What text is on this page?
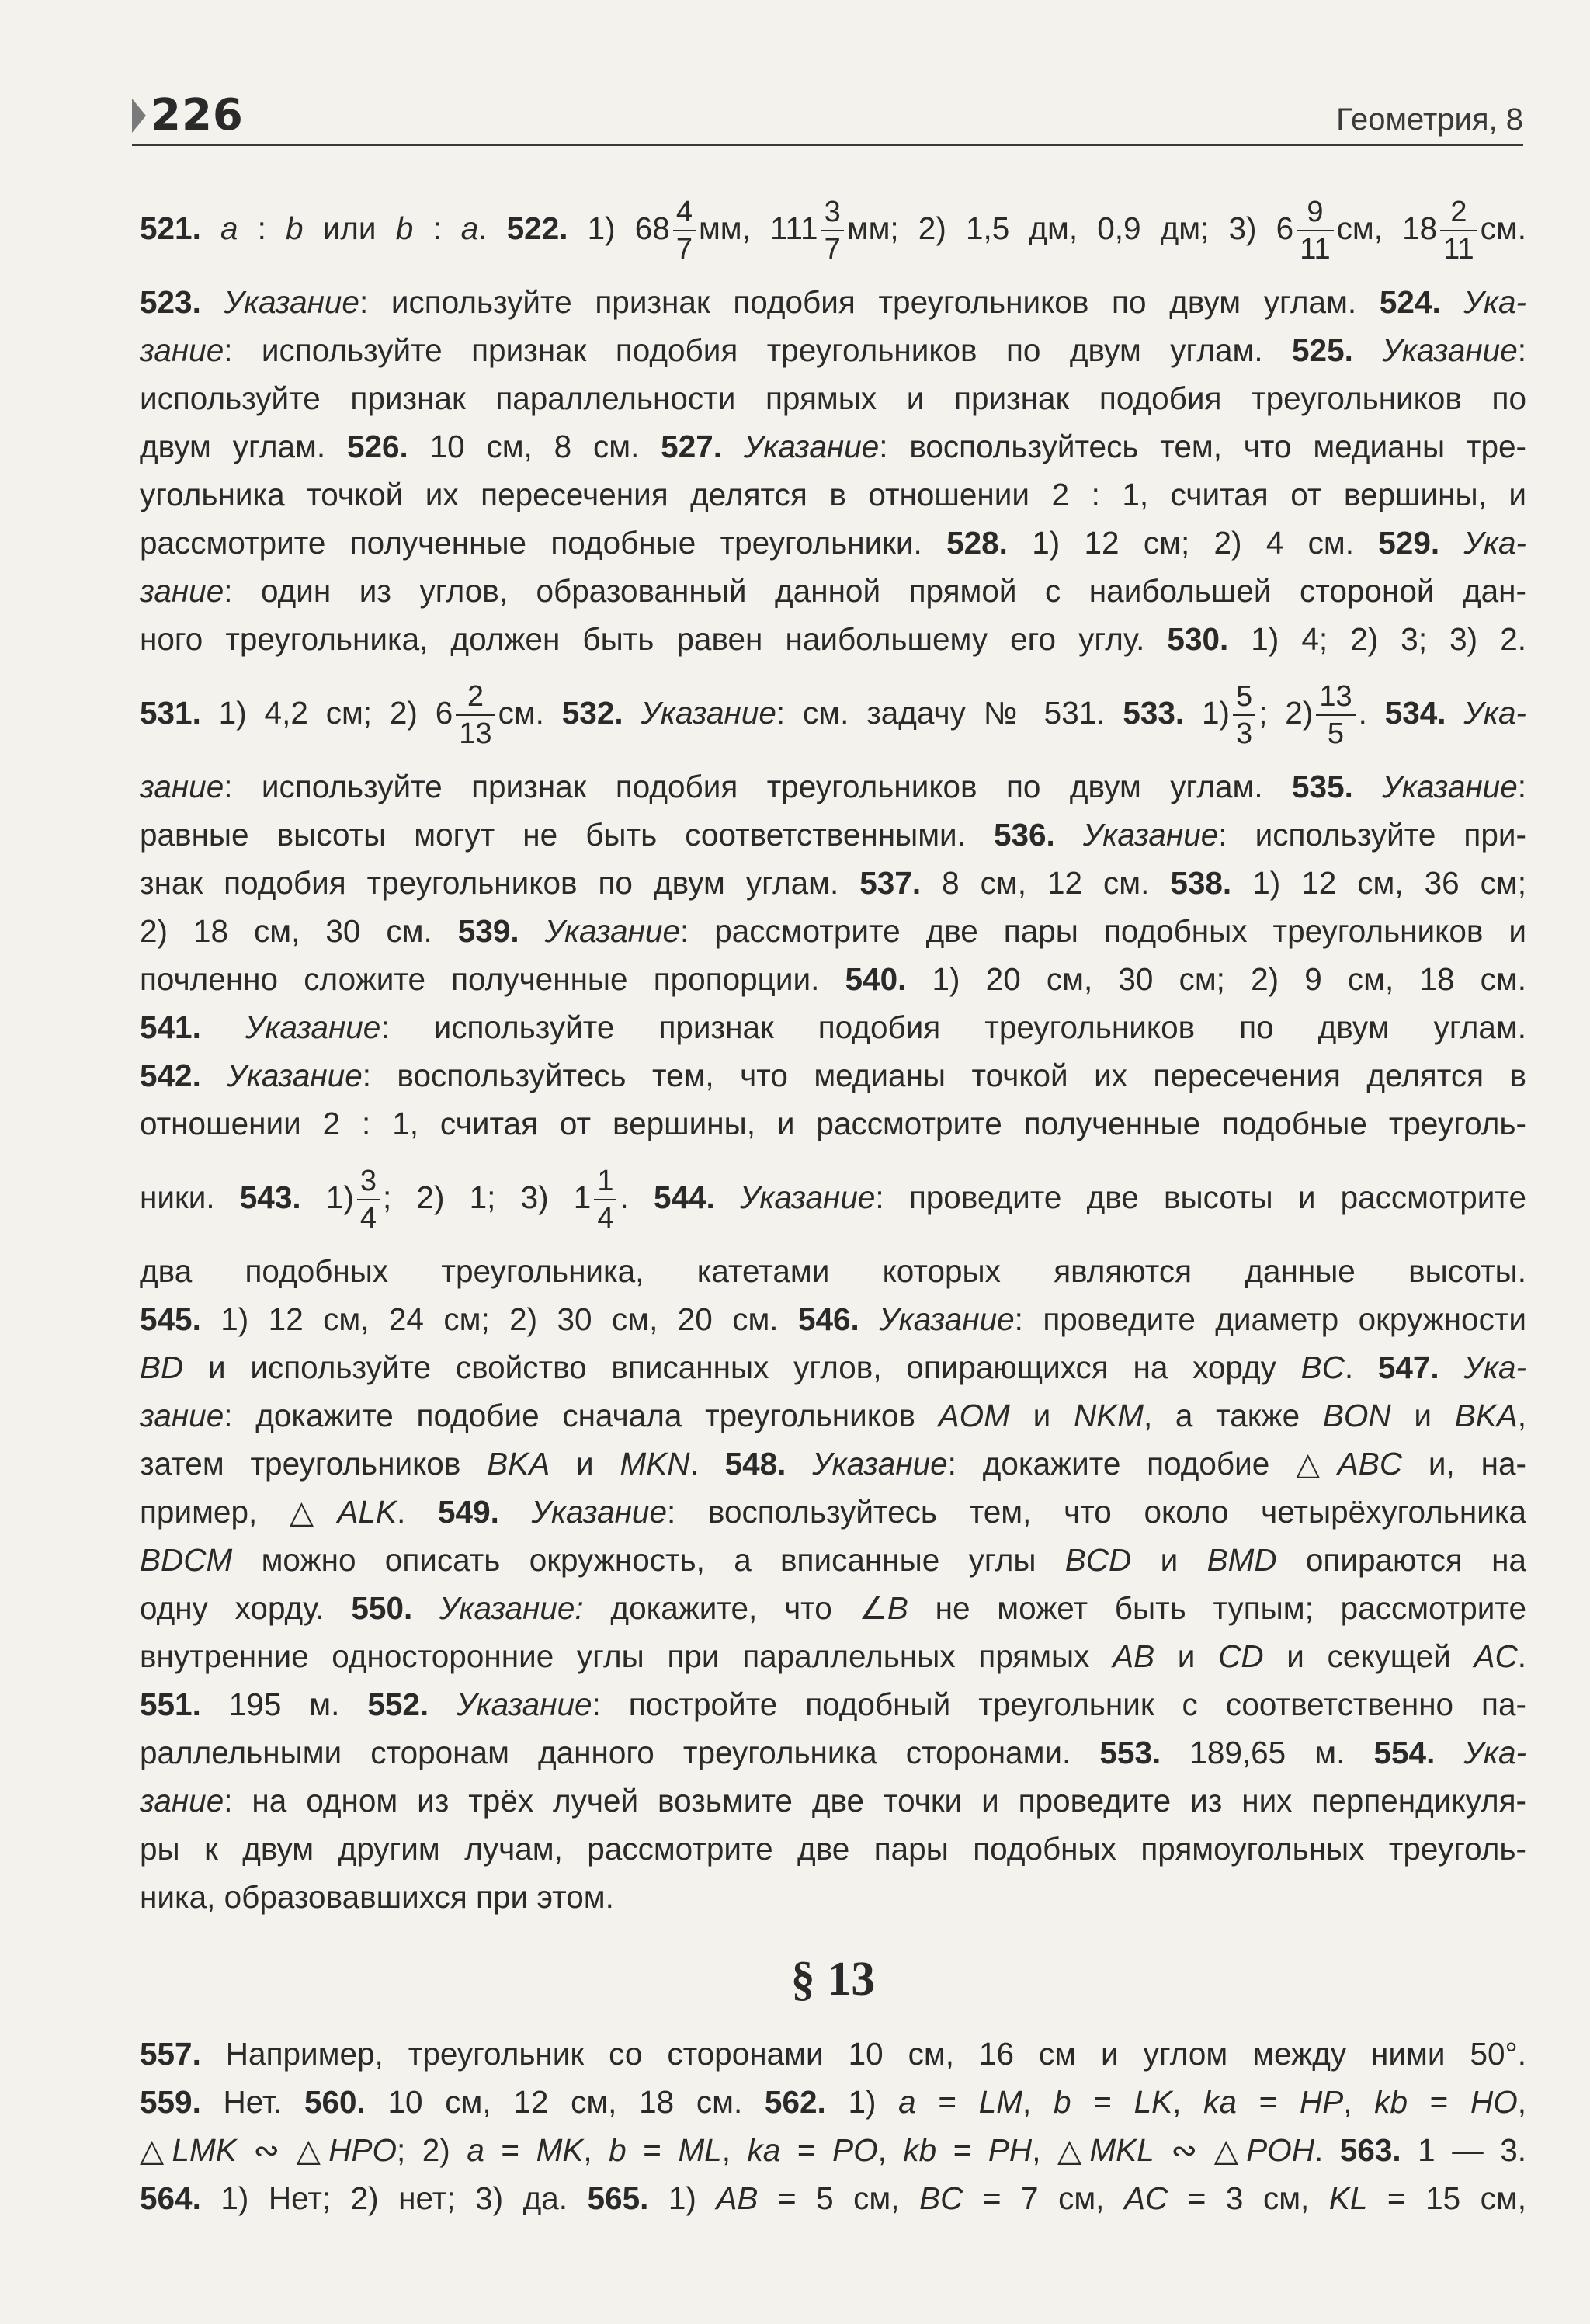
226	Геометрия, 8
521. a : b или b : a. 522. 1) $68 \frac{4}{7}$ мм, $111 \frac{3}{7}$ мм; 2) 1,5 дм, 0,9 дм; 3) $6 \frac{9}{11}$ см, $18 \frac{2}{11}$ см.
523. Указание: используйте признак подобия треугольников по двум углам. 524. Ука-
зание: используйте признак подобия треугольников по двум углам. 525. Указание:
используйте признак параллельности прямых и признак подобия треугольников по
двум углам. 526. 10 см, 8 см. 527. Указание: воспользуйтесь тем, что медианы тре-
угольника точкой их пересечения делятся в отношении 2 : 1, считая от вершины, и
рассмотрите полученные подобные треугольники. 528. 1) 12 см; 2) 4 см. 529. Ука-
зание: один из углов, образованный данной прямой с наибольшей стороной дан-
ного треугольника, должен быть равен наибольшему его углу. 530. 1) 4; 2) 3; 3) 2.
531. 1) 4,2 см; 2) $6 \frac{2}{13}$ см. 532. Указание: см. задачу № 531. 533. $1) \frac{5}{3}$ ; $2) \frac{13}{5}$ . 534. Ука-
зание: используйте признак подобия треугольников по двум углам. 535. Указание:
равные высоты могут не быть соответственными. 536. Указание: используйте при-
знак подобия треугольников по двум углам. 537. 8 см, 12 см. 538. 1) 12 см, 36 см;
2) 18 см, 30 см. 539. Указание: рассмотрите две пары подобных треугольников и
почленно сложите полученные пропорции. 540. 1) 20 см, 30 см; 2) 9 см, 18 см.
541. Указание: используйте признак подобия треугольников по двум углам.
542. Указание: воспользуйтесь тем, что медианы точкой их пересечения делятся в
отношении 2 : 1, считая от вершины, и рассмотрите полученные подобные треуголь-
ники. 543. $1) \frac{3}{4}$ ; 2) 1; 3) $1 \frac{1}{4}$ . 544. Указание: проведите две высоты и рассмотрите
два подобных треугольника, катетами которых являются данные высоты.
545. 1) 12 см, 24 см; 2) 30 см, 20 см. 546. Указание: проведите диаметр окружности
BD и используйте свойство вписанных углов, опирающихся на хорду BC. 547. Ука-
зание: докажите подобие сначала треугольников AOM и NKM, а также BON и BKA,
затем треугольников BKA и MKN. 548. Указание: докажите подобие △ABC и, на-
пример, △ALK. 549. Указание: воспользуйтесь тем, что около четырёхугольника
BDCM можно описать окружность, а вписанные углы BCD и BMD опираются на
одну хорду. 550. Указание: докажите, что ∠B не может быть тупым; рассмотрите
внутренние односторонние углы при параллельных прямых AB и CD и секущей AC.
551. 195 м. 552. Указание: постройте подобный треугольник с соответственно па-
раллельными сторонам данного треугольника сторонами. 553. 189,65 м. 554. Ука-
зание: на одном из трёх лучей возьмите две точки и проведите из них перпендикуля-
ры к двум другим лучам, рассмотрите две пары подобных прямоугольных треуголь-
ника, образовавшихся при этом.
§ 13
557. Например, треугольник со сторонами 10 см, 16 см и углом между ними 50°.
559. Нет. 560. 10 см, 12 см, 18 см. 562. 1) a = LM, b = LK, ka = HP, kb = HO,
△LMK ∾ △HPO; 2) a = MK, b = ML, ka = PO, kb = PH, △MKL ∾ △POH. 563. 1 — 3.
564. 1) Нет; 2) нет; 3) да. 565. 1) AB = 5 см, BC = 7 см, AC = 3 см, KL = 15 см,
